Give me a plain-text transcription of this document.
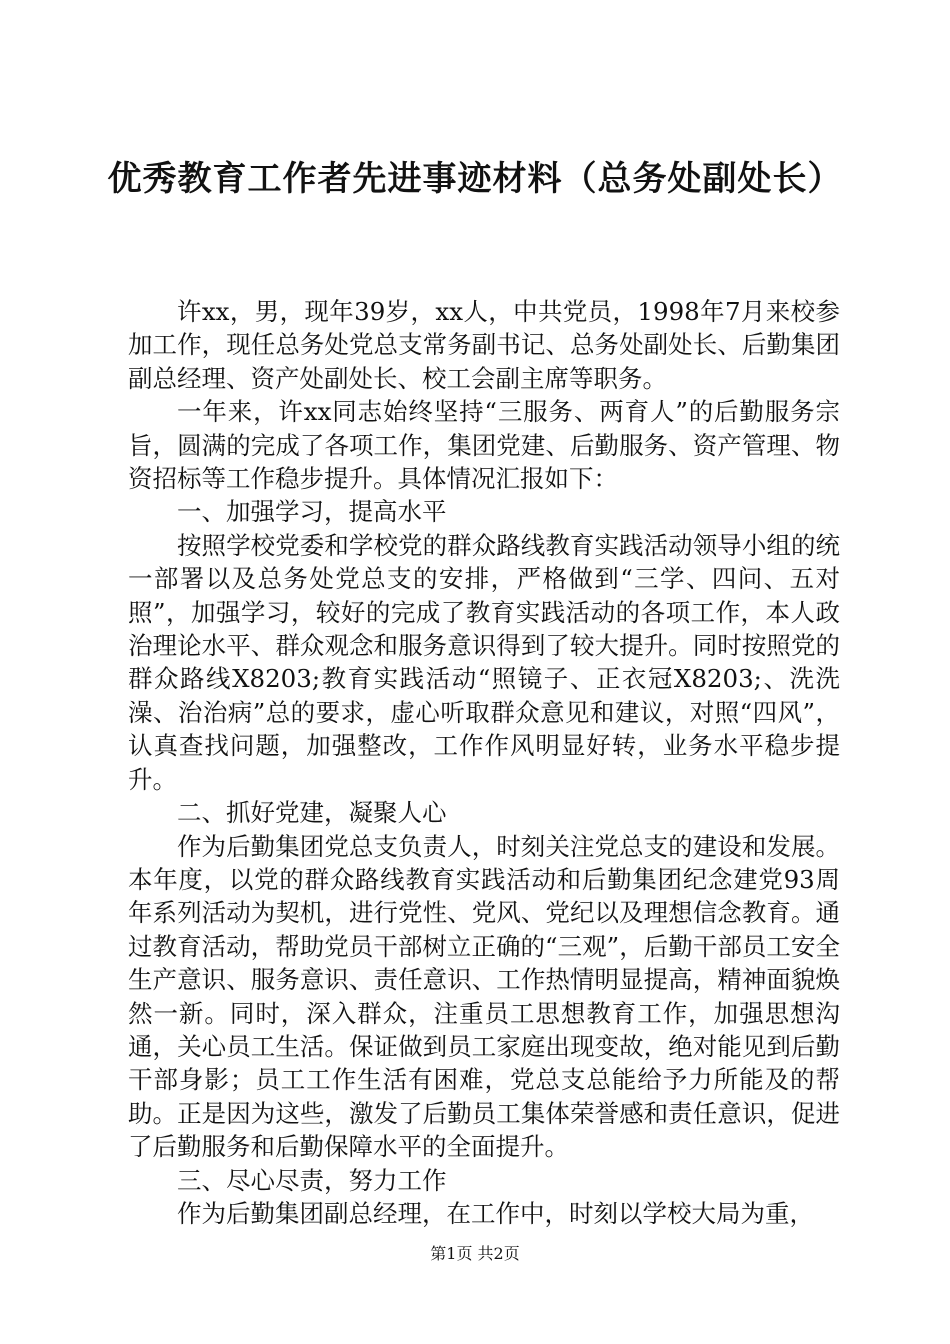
优秀教育工作者先进事迹材料（总务处副处长）

许xx，男，现年39岁，xx人，中共党员，1998年7月来校参加工作，现任总务处党总支常务副书记、总务处副处长、后勤集团副总经理、资产处副处长、校工会副主席等职务。

一年来，许xx同志始终坚持“三服务、两育人”的后勤服务宗旨，圆满的完成了各项工作，集团党建、后勤服务、资产管理、物资招标等工作稳步提升。具体情况汇报如下：

一、加强学习，提高水平

按照学校党委和学校党的群众路线教育实践活动领导小组的统一部署以及总务处党总支的安排，严格做到“三学、四问、五对照”，加强学习，较好的完成了教育实践活动的各项工作，本人政治理论水平、群众观念和服务意识得到了较大提升。同时按照党的群众路线X8203;教育实践活动“照镜子、正衣冠X8203;、洗洗澡、治治病”总的要求，虚心听取群众意见和建议，对照“四风”，认真查找问题，加强整改，工作作风明显好转，业务水平稳步提升。

二、抓好党建，凝聚人心

作为后勤集团党总支负责人，时刻关注党总支的建设和发展。本年度，以党的群众路线教育实践活动和后勤集团纪念建党93周年系列活动为契机，进行党性、党风、党纪以及理想信念教育。通过教育活动，帮助党员干部树立正确的“三观”，后勤干部员工安全生产意识、服务意识、责任意识、工作热情明显提高，精神面貌焕然一新。同时，深入群众，注重员工思想教育工作，加强思想沟通，关心员工生活。保证做到员工家庭出现变故，绝对能见到后勤干部身影；员工工作生活有困难，党总支总能给予力所能及的帮助。正是因为这些，激发了后勤员工集体荣誉感和责任意识，促进了后勤服务和后勤保障水平的全面提升。

三、尽心尽责，努力工作

作为后勤集团副总经理，在工作中，时刻以学校大局为重，

第1页 共2页
